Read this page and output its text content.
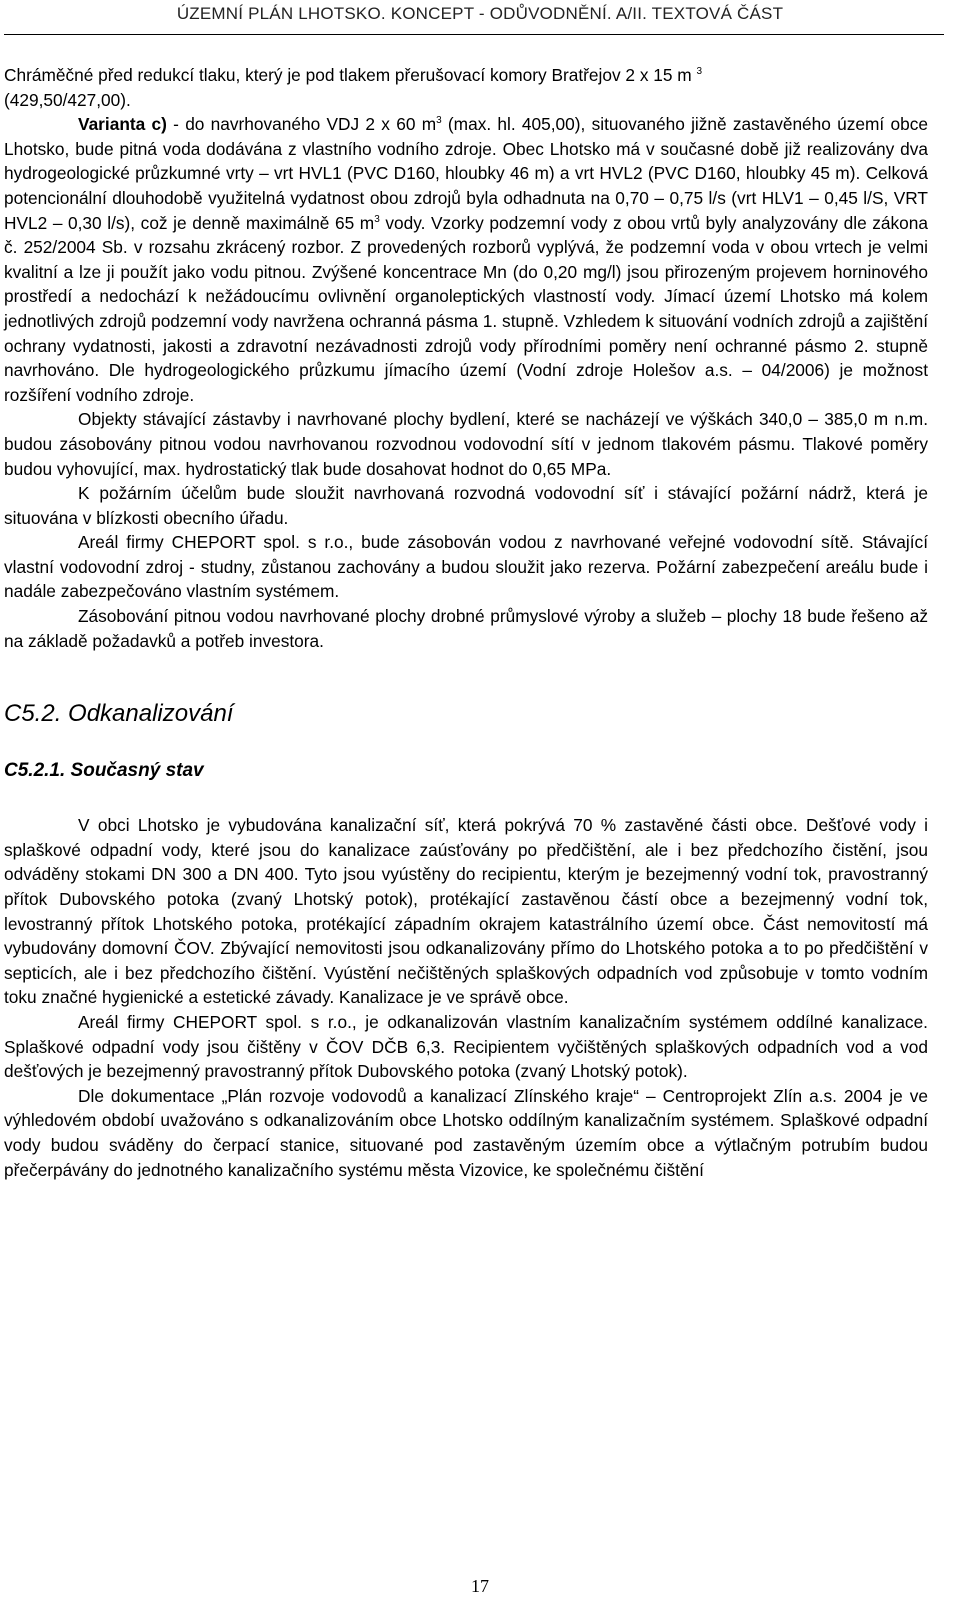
ÚZEMNÍ PLÁN LHOTSKO. KONCEPT - ODŮVODNĚNÍ. A/II. TEXTOVÁ ČÁST

Chráměčné před redukcí tlaku, který je pod tlakem přerušovací komory Bratřejov 2 x 15 m $^3$
(429,50/427,00).

Varianta c) - do navrhovaného VDJ 2 x 60 $m^3$ (max. hl. 405,00), situovaného jižně zastavěného území obce Lhotsko, bude pitná voda dodávána z vlastního vodního zdroje. Obec Lhotsko má v současné době již realizovány dva hydrogeologické průzkumné vrty – vrt HVL1 (PVC D160, hloubky 46 m) a vrt HVL2 (PVC D160, hloubky 45 m). Celková potencionální dlouhodobě využitelná vydatnost obou zdrojů byla odhadnuta na 0,70 – 0,75 l/s (vrt HLV1 – 0,45 l/S, VRT HVL2 – 0,30 l/s), což je denně maximálně 65 $m^3$ vody. Vzorky podzemní vody z obou vrtů byly analyzovány dle zákona č. 252/2004 Sb. v rozsahu zkrácený rozbor. Z provedených rozborů vyplývá, že podzemní voda v obou vrtech je velmi kvalitní a lze ji použít jako vodu pitnou. Zvýšené koncentrace Mn (do 0,20 mg/l) jsou přirozeným projevem horninového prostředí a nedochází k nežádoucímu ovlivnění organoleptických vlastností vody. Jímací území Lhotsko má kolem jednotlivých zdrojů podzemní vody navržena ochranná pásma 1. stupně. Vzhledem k situování vodních zdrojů a zajištění ochrany vydatnosti, jakosti a zdravotní nezávadnosti zdrojů vody přírodními poměry není ochranné pásmo 2. stupně navrhováno. Dle hydrogeologického průzkumu jímacího území (Vodní zdroje Holešov a.s. – 04/2006) je možnost rozšíření vodního zdroje.

Objekty stávající zástavby i navrhované plochy bydlení, které se nacházejí ve výškách 340,0 – 385,0 m n.m. budou zásobovány pitnou vodou navrhovanou rozvodnou vodovodní sítí v jednom tlakovém pásmu. Tlakové poměry budou vyhovující, max. hydrostatický tlak bude dosahovat hodnot do 0,65 MPa.

K požárním účelům bude sloužit navrhovaná rozvodná vodovodní síť i stávající požární nádrž, která je situována v blízkosti obecního úřadu.

Areál firmy CHEPORT spol. s r.o., bude zásobován vodou z navrhované veřejné vodovodní sítě. Stávající vlastní vodovodní zdroj - studny, zůstanou zachovány a budou sloužit jako rezerva. Požární zabezpečení areálu bude i nadále zabezpečováno vlastním systémem.

Zásobování pitnou vodou navrhované plochy drobné průmyslové výroby a služeb – plochy 18 bude řešeno až na základě požadavků a potřeb investora.

C5.2. Odkanalizování
C5.2.1. Současný stav

V obci Lhotsko je vybudována kanalizační síť, která pokrývá 70 % zastavěné části obce. Dešťové vody i splaškové odpadní vody, které jsou do kanalizace zaúsťovány po předčištění, ale i bez předchozího čistění, jsou odváděny stokami DN 300 a DN 400. Tyto jsou vyústěny do recipientu, kterým je bezejmenný vodní tok, pravostranný přítok Dubovského potoka (zvaný Lhotský potok), protékající zastavěnou částí obce a bezejmenný vodní tok, levostranný přítok Lhotského potoka, protékající západním okrajem katastrálního území obce. Část nemovitostí má vybudovány domovní ČOV. Zbývající nemovitosti jsou odkanalizovány přímo do Lhotského potoka a to po předčištění v septicích, ale i bez předchozího čištění. Vyústění nečištěných splaškových odpadních vod způsobuje v tomto vodním toku značné hygienické a estetické závady. Kanalizace je ve správě obce.

Areál firmy CHEPORT spol. s r.o., je odkanalizován vlastním kanalizačním systémem oddílné kanalizace. Splaškové odpadní vody jsou čištěny v ČOV DČB 6,3. Recipientem vyčištěných splaškových odpadních vod a vod dešťových je bezejmenný pravostranný přítok Dubovského potoka (zvaný Lhotský potok).

Dle dokumentace „Plán rozvoje vodovodů a kanalizací Zlínského kraje“ – Centroprojekt Zlín a.s. 2004 je ve výhledovém období uvažováno s odkanalizováním obce Lhotsko oddílným kanalizačním systémem. Splaškové odpadní vody budou sváděny do čerpací stanice, situované pod zastavěným územím obce a výtlačným potrubím budou přečerpávány do jednotného kanalizačního systému města Vizovice, ke společnému čištění

17
